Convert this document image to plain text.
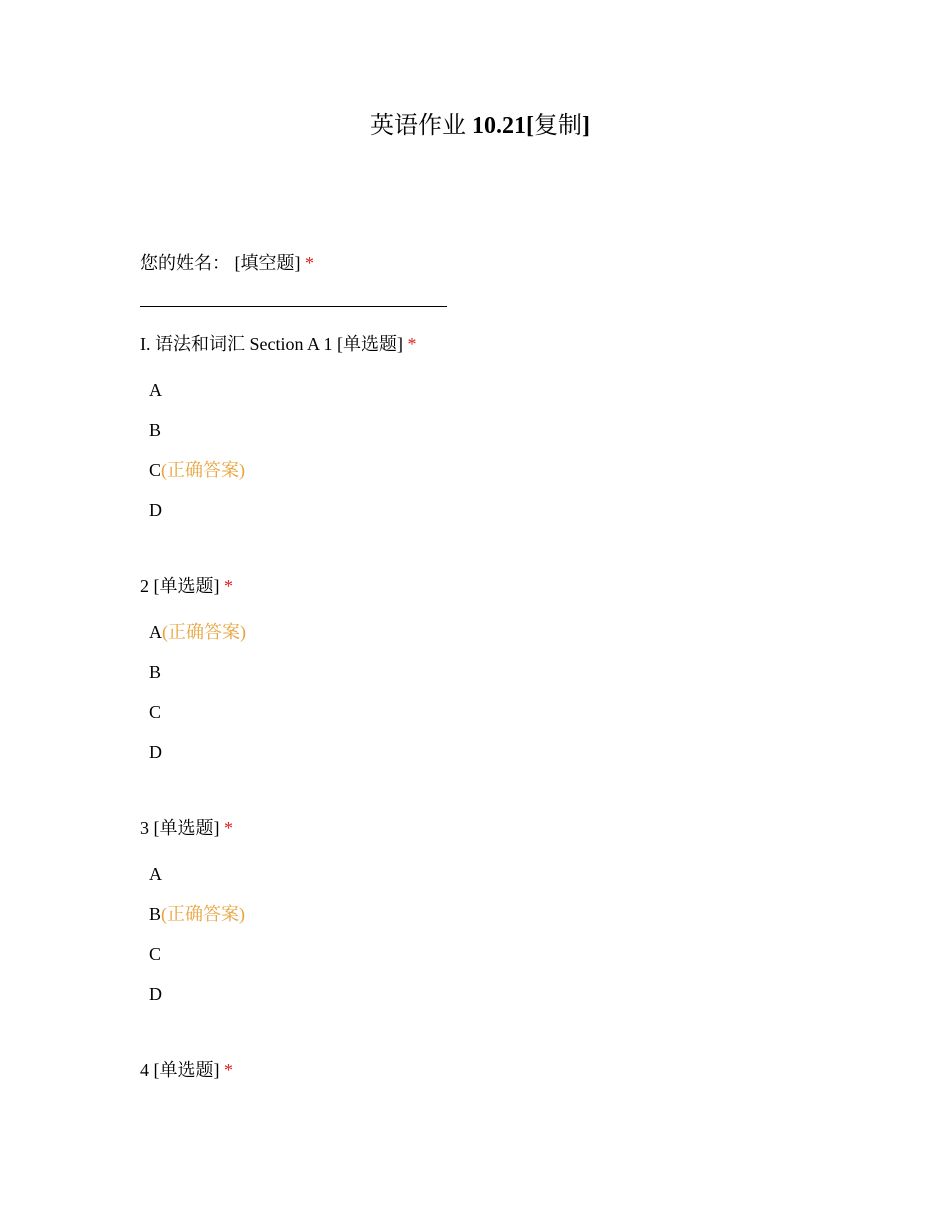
英语作业 10.21[复制]
您的姓名： [填空题] *
I. 语法和词汇 Section A 1 [单选题] *
A
B
C(正确答案)
D
2 [单选题] *
A(正确答案)
B
C
D
3 [单选题] *
A
B(正确答案)
C
D
4 [单选题] *
